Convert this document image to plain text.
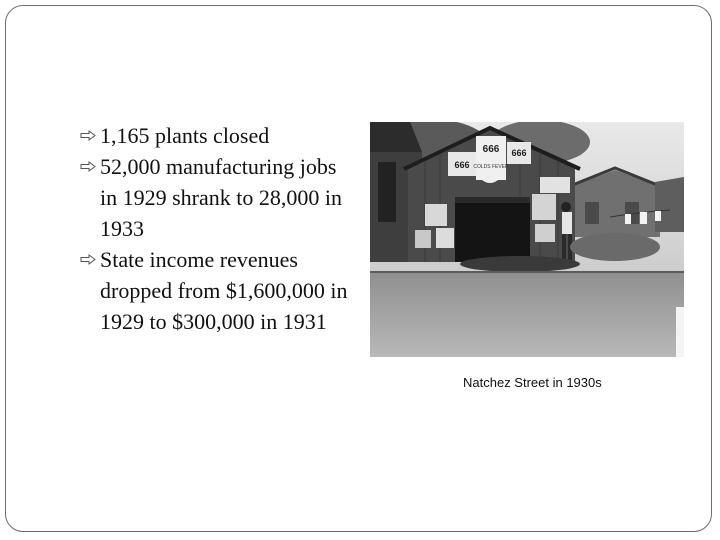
1,165 plants closed
52,000 manufacturing jobs in 1929 shrank to 28,000 in 1933
State income revenues dropped from $1,600,000 in 1929 to $300,000 in 1931
666
666
COLDS FEVER
666
Natchez Street in 1930s
